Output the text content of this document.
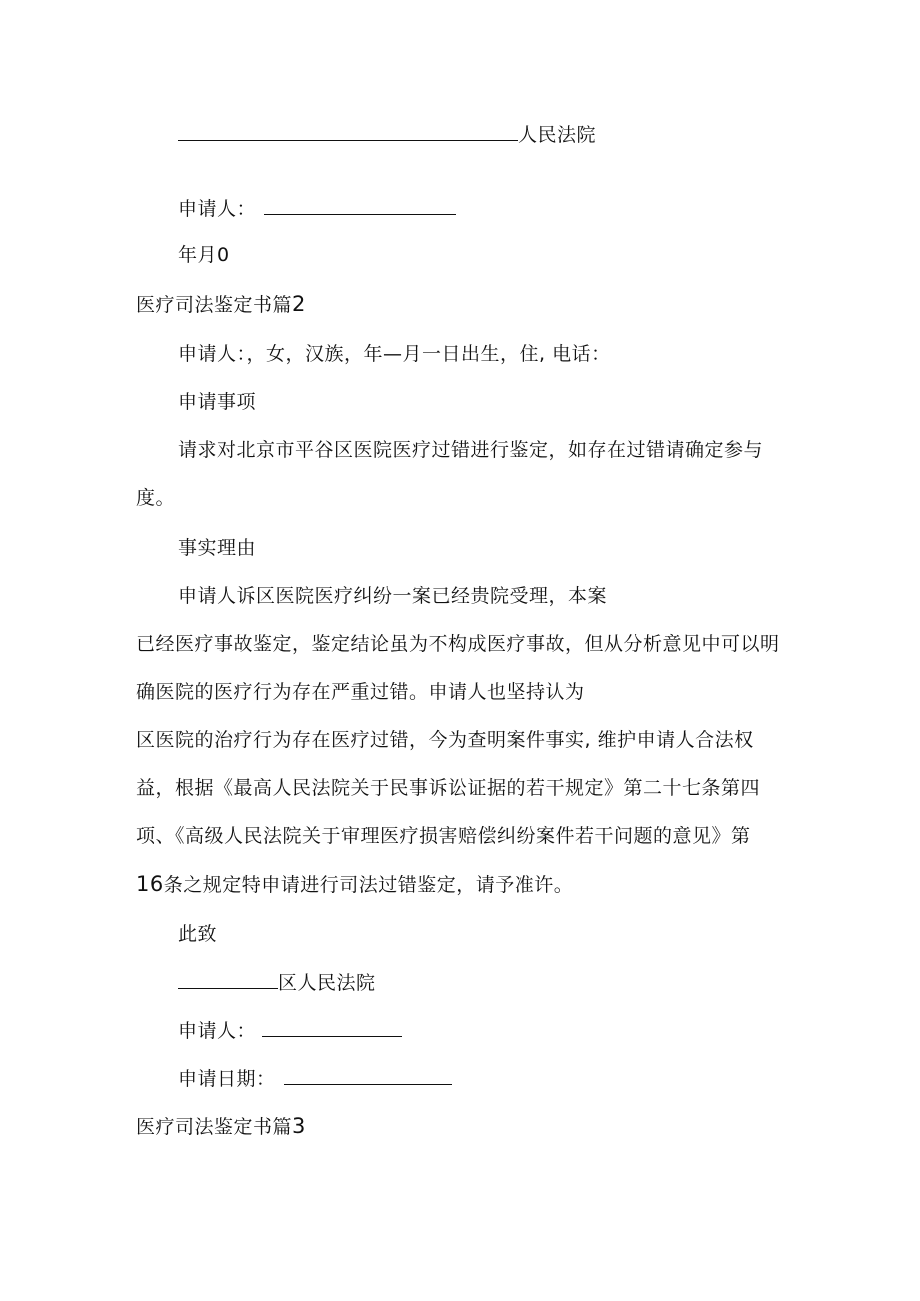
人民法院
申请人：
年月0
医疗司法鉴定书篇2
申请人：，女，汉族，年—月一日出生，住, 电话：
申请事项
请求对北京市平谷区医院医疗过错进行鉴定，如存在过错请确定参与
度。
事实理由
申请人诉区医院医疗纠纷一案已经贵院受理，本案
已经医疗事故鉴定，鉴定结论虽为不构成医疗事故，但从分析意见中可以明
确医院的医疗行为存在严重过错。申请人也坚持认为
区医院的治疗行为存在医疗过错，今为查明案件事实, 维护申请人合法权
益，根据《最高人民法院关于民事诉讼证据的若干规定》第二十七条第四
项、《高级人民法院关于审理医疗损害赔偿纠纷案件若干问题的意见》第
16条之规定特申请进行司法过错鉴定，请予准许。
此致
区人民法院
申请人：
申请日期：
医疗司法鉴定书篇3
